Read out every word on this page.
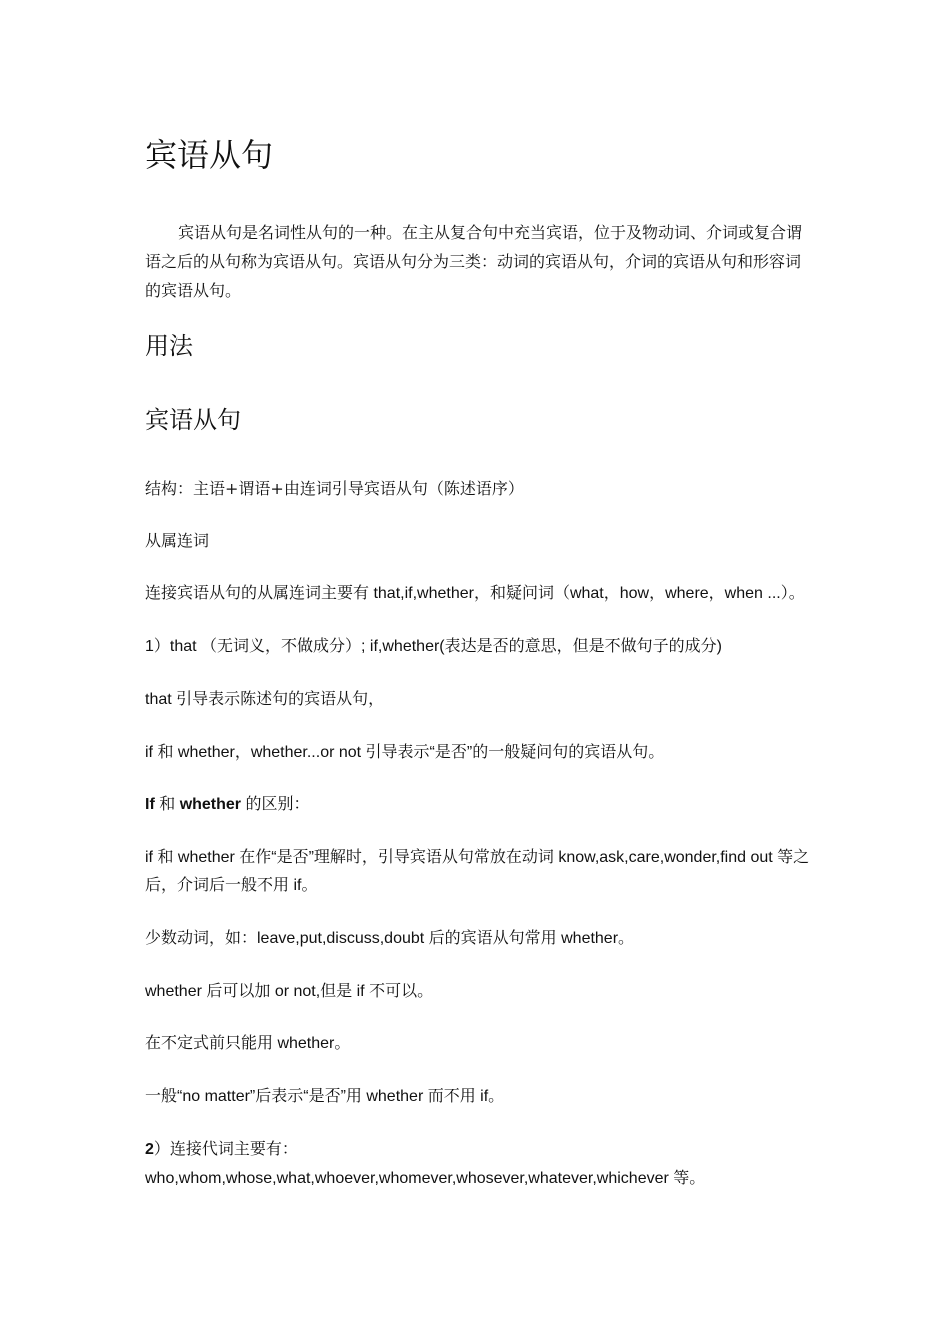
宾语从句

宾语从句是名词性从句的一种。在主从复合句中充当宾语，位于及物动词、介词或复合谓语之后的从句称为宾语从句。宾语从句分为三类：动词的宾语从句，介词的宾语从句和形容词的宾语从句。

用法
宾语从句

结构：主语+谓语+由连词引导宾语从句（陈述语序）

从属连词

连接宾语从句的从属连词主要有 that,if,whether，和疑问词（what，how，where，when ...）。

1）that （无词义，不做成分）; if,whether(表达是否的意思，但是不做句子的成分)

that 引导表示陈述句的宾语从句，

if 和 whether，whether...or not 引导表示“是否”的一般疑问句的宾语从句。

If 和 whether 的区别：

if 和 whether 在作“是否”理解时，引导宾语从句常放在动词 know,ask,care,wonder,find out 等之后，介词后一般不用 if。

少数动词，如：leave,put,discuss,doubt 后的宾语从句常用 whether。

whether 后可以加 or not,但是 if 不可以。

在不定式前只能用 whether。

一般“no matter”后表示“是否”用 whether 而不用 if。

2）连接代词主要有：

who,whom,whose,what,whoever,whomever,whosever,whatever,whichever 等。
